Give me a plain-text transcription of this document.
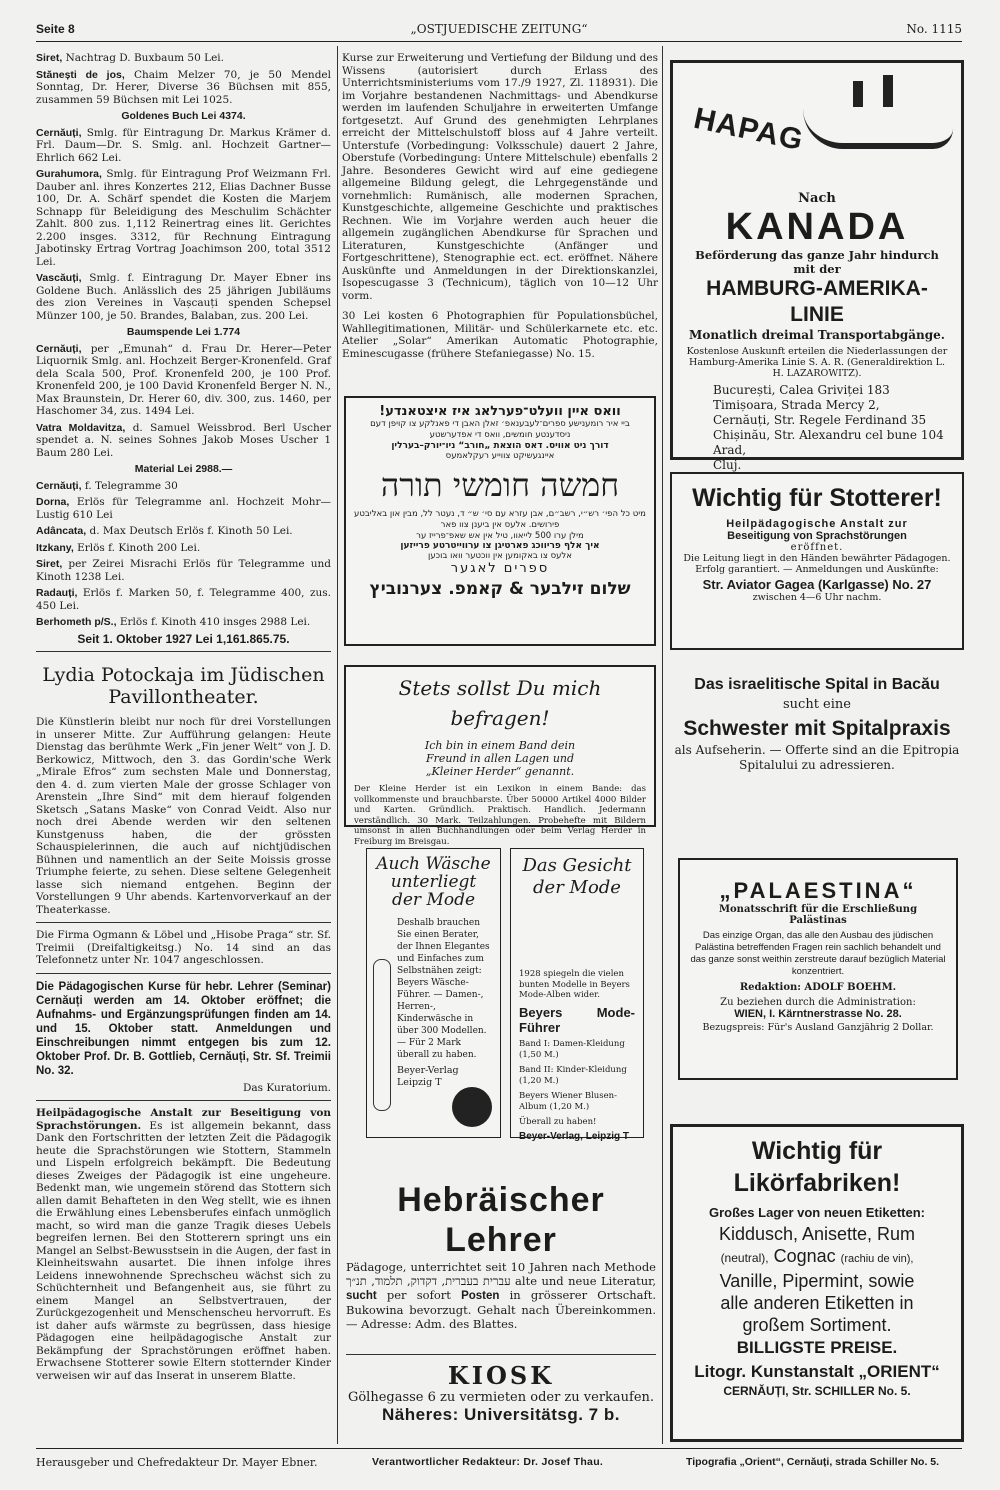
Seite 8	„OSTJUEDISCHE ZEITUNG“	No. 1115

Siret, Nachtrag D. Buxbaum 50 Lei.

Stănești de jos, Chaim Melzer 70, je 50 Mendel Sonntag, Dr. Herer, Diverse 36 Büchsen mit 855, zusammen 59 Büchsen mit Lei 1025.

Goldenes Buch Lei 4374.

Cernăuți, Smlg. für Eintragung Dr. Markus Krämer d. Frl. Daum—Dr. S. Smlg. anl. Hochzeit Gartner—Ehrlich 662 Lei.

Gurahumora, Smlg. für Eintragung Prof Weizmann Frl. Dauber anl. ihres Konzertes 212, Elias Dachner Busse 100, Dr. A. Schärf spendet die Kosten die Marjem Schnapp für Beleidigung des Meschulim Schächter Zahlt. 800 zus. 1,112 Reinertrag eines lit. Gerichtes 2.200 insges. 3312, für Rechnung Eintragung Jabotinsky Ertrag Vortrag Joachimson 200, total 3512 Lei.

Vascăuți, Smlg. f. Eintragung Dr. Mayer Ebner ins Goldene Buch. Anlässlich des 25 jährigen Jubiläums des zion Vereines in Vașcauți spenden Schepsel Münzer 100, je 50. Brandes, Balaban, zus. 200 Lei.

Baumspende Lei 1.774

Cernăuți, per „Emunah“ d. Frau Dr. Herer—Peter Liquornik Smlg. anl. Hochzeit Berger-Kronenfeld. Graf dela Scala 500, Prof. Kronenfeld 200, je 100 Prof. Kronenfeld 200, je 100 David Kronenfeld Berger N. N., Max Braunstein, Dr. Herer 60, div. 300, zus. 1460, per Haschomer 34, zus. 1494 Lei.

Vatra Moldavitza, d. Samuel Weissbrod. Berl Uscher spendet a. N. seines Sohnes Jakob Moses Uscher 1 Baum 280 Lei.

Material Lei 2988.—

Cernăuți, f. Telegramme 30

Dorna, Erlös für Telegramme anl. Hochzeit Mohr—Lustig 610 Lei

Adâncata, d. Max Deutsch Erlös f. Kinoth 50 Lei.

Itzkany, Erlös f. Kinoth 200 Lei.

Siret, per Zeirei Misrachi Erlös für Telegramme und Kinoth 1238 Lei.

Radauți, Erlös f. Marken 50, f. Telegramme 400, zus. 450 Lei.

Berhometh p/S., Erlös f. Kinoth 410 insges 2988 Lei.

Seit 1. Oktober 1927 Lei 1,161.865.75.

Lydia Potockaja im Jüdischen Pavillontheater.

Die Künstlerin bleibt nur noch für drei Vorstellungen in unserer Mitte. Zur Aufführung gelangen: Heute Dienstag das berühmte Werk „Fin jener Welt“ von J. D. Berkowicz, Mittwoch, den 3. das Gordin'sche Werk „Mirale Efros“ zum sechsten Male und Donnerstag, den 4. d. zum vierten Male der grosse Schlager von Arenstein „Ihre Sind“ mit dem hierauf folgenden Sketsch „Satans Maske“ von Conrad Veidt. Also nur noch drei Abende werden wir den seltenen Kunstgenuss haben, die der grössten Schauspielerinnen, die auch auf nichtjüdischen Bühnen und namentlich an der Seite Moissis grosse Triumphe feierte, zu sehen. Diese seltene Gelegenheit lasse sich niemand entgehen. Beginn der Vorstellungen 9 Uhr abends. Kartenvorverkauf an der Theaterkasse.

Die Firma Ogmann & Löbel und „Hisobe Praga“ str. Sf. Treimii (Dreifaltigkeitsg.) No. 14 sind an das Telefonnetz unter Nr. 1047 angeschlossen.

Die Pädagogischen Kurse für hebr. Lehrer (Seminar) Cernăuți werden am 14. Oktober eröffnet; die Aufnahms- und Ergänzungsprüfungen finden am 14. und 15. Oktober statt. Anmeldungen und Einschreibungen nimmt entgegen bis zum 12. Oktober Prof. Dr. B. Gottlieb, Cernăuți, Str. Sf. Treimii No. 32.

Das Kuratorium.

Heilpädagogische Anstalt zur Beseitigung von Sprachstörungen. Es ist allgemein bekannt, dass Dank den Fortschritten der letzten Zeit die Pädagogik heute die Sprachstörungen wie Stottern, Stammeln und Lispeln erfolgreich bekämpft. Die Bedeutung dieses Zweiges der Pädagogik ist eine ungeheure. Bedenkt man, wie ungemein störend das Stottern sich allen damit Behafteten in den Weg stellt, wie es ihnen die Erwählung eines Lebensberufes einfach unmöglich macht, so wird man die ganze Tragik dieses Uebels begreifen lernen. Bei den Stotterern springt uns ein Mangel an Selbst-Bewusstsein in die Augen, der fast in Kleinheitswahn ausartet. Die ihnen infolge ihres Leidens innewohnende Sprechscheu wächst sich zu Schüchternheit und Befangenheit aus, sie führt zu einem Mangel an Selbstvertrauen, der Zurückgezogenheit und Menschenscheu hervorruft. Es ist daher aufs wärmste zu begrüssen, dass hiesige Pädagogen eine heilpädagogische Anstalt zur Bekämpfung der Sprachstörungen eröffnet haben. Erwachsene Stotterer sowie Eltern stotternder Kinder verweisen wir auf das Inserat in unserem Blatte.

Kurse zur Erweiterung und Vertiefung der Bildung und des Wissens (autorisiert durch Erlass des Unterrichtsministeriums vom 17./9 1927, Zl. 118931). Die im Vorjahre bestandenen Nachmittags- und Abendkurse werden im laufenden Schuljahre in erweiterten Umfange fortgesetzt. Auf Grund des genehmigten Lehrplanes erreicht der Mittelschulstoff bloss auf 4 Jahre verteilt. Unterstufe (Vorbedingung: Volksschule) dauert 2 Jahre, Oberstufe (Vorbedingung: Untere Mittelschule) ebenfalls 2 Jahre. Besonderes Gewicht wird auf eine gediegene allgemeine Bildung gelegt, die Lehrgegenstände und vornehmlich: Rumänisch, alle modernen Sprachen, Kunstgeschichte, allgemeine Geschichte und praktisches Rechnen. Wie im Vorjahre werden auch heuer die allgemein zugänglichen Abendkurse für Sprachen und Literaturen, Kunstgeschichte (Anfänger und Fortgeschrittene), Stenographie ect. ect. eröffnet. Nähere Auskünfte und Anmeldungen in der Direktionskanzlei, Isopescugasse 3 (Technicum), täglich von 10—12 Uhr vorm.

30 Lei kosten 6 Photographien für Populationsbüchel, Wahllegitimationen, Militär- und Schülerkarnete etc. etc. Atelier „Solar“ Amerikan Automatic Photographie, Eminescugasse (frühere Stefaniegasse) No. 15.

וואס איין וועלט־פערלאג איז איצטאנדע!
ביי איר רומענישע ספרים־לעבענאפ׳ זאלן האבן די פאנלקע צו קויפן דעם ניסדענטע חומשים, וואס די אפדערשטע
דורך ניט אוויס. דאס הוצאת „חורב“ ניו־יורק–בערלין
איינגעשיקט צווייע רעקלאמעס
חמשה חומשי תורה
מיט כל הפי׳ רש״י, רשב״ם, אבן עזרא עם סי׳ ש״ ד, נעטר לל, מבין און באליבטע פירושים. אלעס אין ביענן צוו פאר
מילן ערו 500 לייאוו, טיל אין אש שאפ־פרייז ער
איך אלף פריווכג פארטיגן צו ערווייטרטע פרייזען
אלעס צו באקומען אין ווכטער וואו בוכען
ספרים לאגער
שלום זילבער & קאמפ. צערנוביץ
Stets sollst Du mich befragen!
Ich bin in einem Band dein Freund in allen Lagen und „Kleiner Herder“ genannt.

Der Kleine Herder ist ein Lexikon in einem Bande: das vollkommenste und brauchbarste. Über 50000 Artikel 4000 Bilder und Karten. Gründlich. Praktisch. Handlich. Jedermann verständlich. 30 Mark. Teilzahlungen. Probehefte mit Bildern umsonst in allen Buchhandlungen oder beim Verlag Herder in Freiburg im Breisgau.

Auch Wäsche unterliegt der Mode

Deshalb brauchen Sie einen Berater, der Ihnen Elegantes und Einfaches zum Selbstnähen zeigt: Beyers Wäsche-Führer. — Damen-, Herren-, Kinderwäsche in über 300 Modellen. — Für 2 Mark überall zu haben.

Beyer-Verlag Leipzig T

Das Gesicht der Mode

1928 spiegeln die vielen bunten Modelle in Beyers Mode-Alben wider.

Beyers Mode-Führer

Band I: Damen-Kleidung (1,50 M.)

Band II: Kinder-Kleidung (1,20 M.)

Beyers Wiener Blusen-Album (1,20 M.)

Überall zu haben!

Beyer-Verlag, Leipzig T

Hebräischer Lehrer

Pädagoge, unterrichtet seit 10 Jahren nach Methode עברית בעברית, דקדוק, תלמוד, תנ״ך alte und neue Literatur, sucht per sofort Posten in grösserer Ortschaft. Bukowina bevorzugt. Gehalt nach Übereinkommen. — Adresse: Adm. des Blattes.

KIOSK
Gölhegasse 6 zu vermieten oder zu verkaufen.
Näheres: Universitätsg. 7 b.
HAPAG
Nach
KANADA
Beförderung das ganze Jahr hindurch mit der
HAMBURG-AMERIKA-LINIE
Monatlich dreimal Transportabgänge.
Kostenlose Auskunft erteilen die Niederlassungen der Hamburg-Amerika Linie S. A. R. (Generaldirektion L. H. LAZAROWITZ).
București, Calea Griviței 183
Timișoara, Strada Mercy 2,
Cernăuți, Str. Regele Ferdinand 35
Chișinău, Str. Alexandru cel bune 104
Arad,
Cluj.
Wichtig für Stotterer!
Heilpädagogische Anstalt zur
Beseitigung von Sprachstörungen
eröffnet.
Die Leitung liegt in den Händen bewährter Pädagogen. Erfolg garantiert. — Anmeldungen und Auskünfte:
Str. Aviator Gagea (Karlgasse) No. 27
zwischen 4—6 Uhr nachm.
Das israelitische Spital in Bacău
sucht eine
Schwester mit Spitalpraxis
als Aufseherin. — Offerte sind an die Epitropia Spitalului zu adressieren.
„PALAESTINA“
Monatsschrift für die Erschließung Palästinas
Das einzige Organ, das alle den Ausbau des jüdischen Palästina betreffenden Fragen rein sachlich behandelt und das ganze sonst weithin zerstreute darauf bezüglich Material konzentriert.
Redaktion: ADOLF BOEHM.
Zu beziehen durch die Administration:
WIEN, I. Kärntnerstrasse No. 28.
Bezugspreis: Für's Ausland Ganzjährig 2 Dollar.
Wichtig für Likörfabriken!
Großes Lager von neuen Etiketten:
Kiddusch, Anisette, Rum
(neutral), Cognac (rachiu de vin),
Vanille, Pipermint, sowie
alle anderen Etiketten in
großem Sortiment.
BILLIGSTE PREISE.
Litogr. Kunstanstalt „ORIENT“
CERNĂUȚI, Str. SCHILLER No. 5.
Herausgeber und Chefredakteur Dr. Mayer Ebner.	Verantwortlicher Redakteur: Dr. Josef Thau.	Tipografia „Orient“, Cernăuți, strada Schiller No. 5.
